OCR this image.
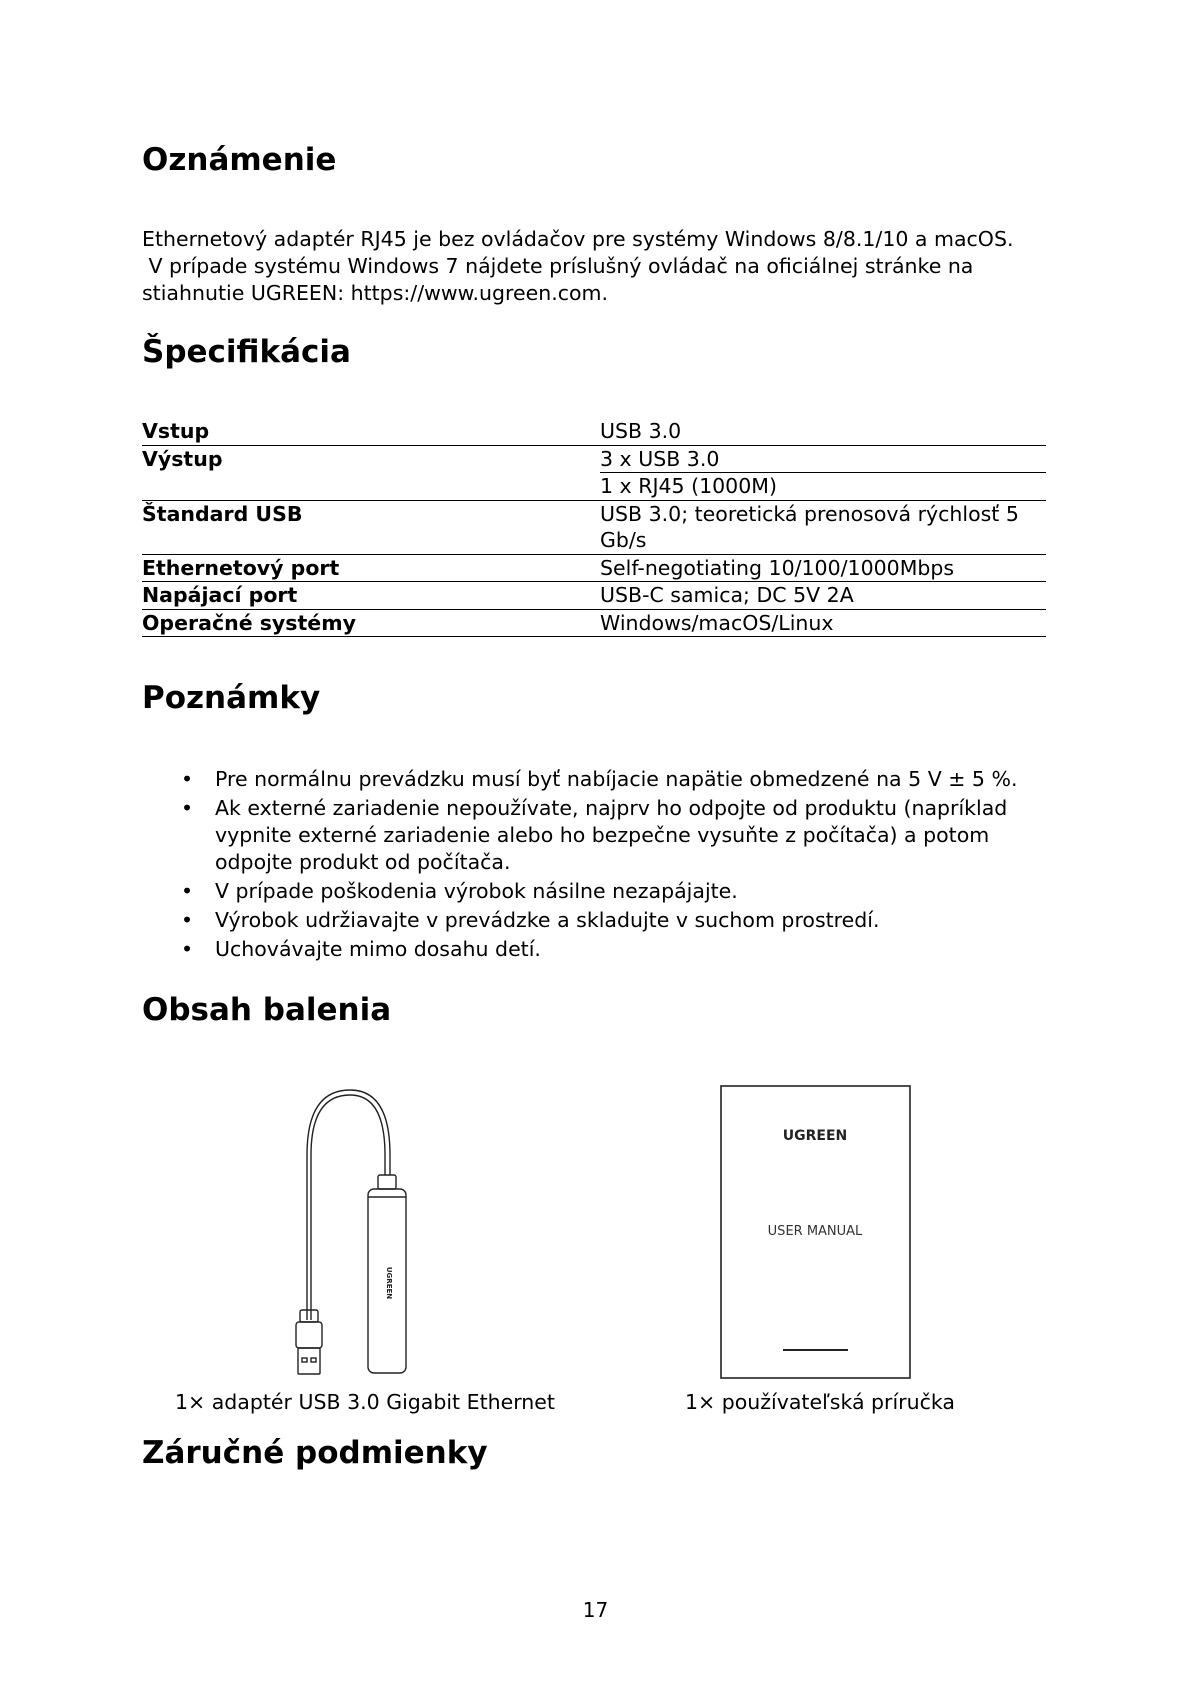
Oznámenie

Ethernetový adaptér RJ45 je bez ovládačov pre systémy Windows 8/8.1/10 a macOS.

V prípade systému Windows 7 nájdete príslušný ovládač na oficiálnej stránke na

stiahnutie UGREEN: https://www.ugreen.com.

Špecifikácia
Vstup	USB 3.0
Výstup	3 x USB 3.0
	1 x RJ45 (1000M)
Štandard USB	USB 3.0; teoretická prenosová rýchlosť 5
Gb/s

Ethernetový port	Self-negotiating 10/100/1000Mbps
Napájací port	USB-C samica; DC 5V 2A
Operačné systémy	Windows/macOS/Linux
Poznámky
• Pre normálnu prevádzku musí byť nabíjacie napätie obmedzené na 5 V ± 5 %.
• Ak externé zariadenie nepoužívate, najprv ho odpojte od produktu (napríklad vypnite externé zariadenie alebo ho bezpečne vysuňte z počítača) a potom odpojte produkt od počítača.
• V prípade poškodenia výrobok násilne nezapájajte.
• Výrobok udržiavajte v prevádzke a skladujte v suchom prostredí.
• Uchovávajte mimo dosahu detí.
Obsah balenia
Záručné podmienky
UGREEN
UGREEN
USER MANUAL
1× adaptér USB 3.0 Gigabit Ethernet	1× používateľská príručka
17
